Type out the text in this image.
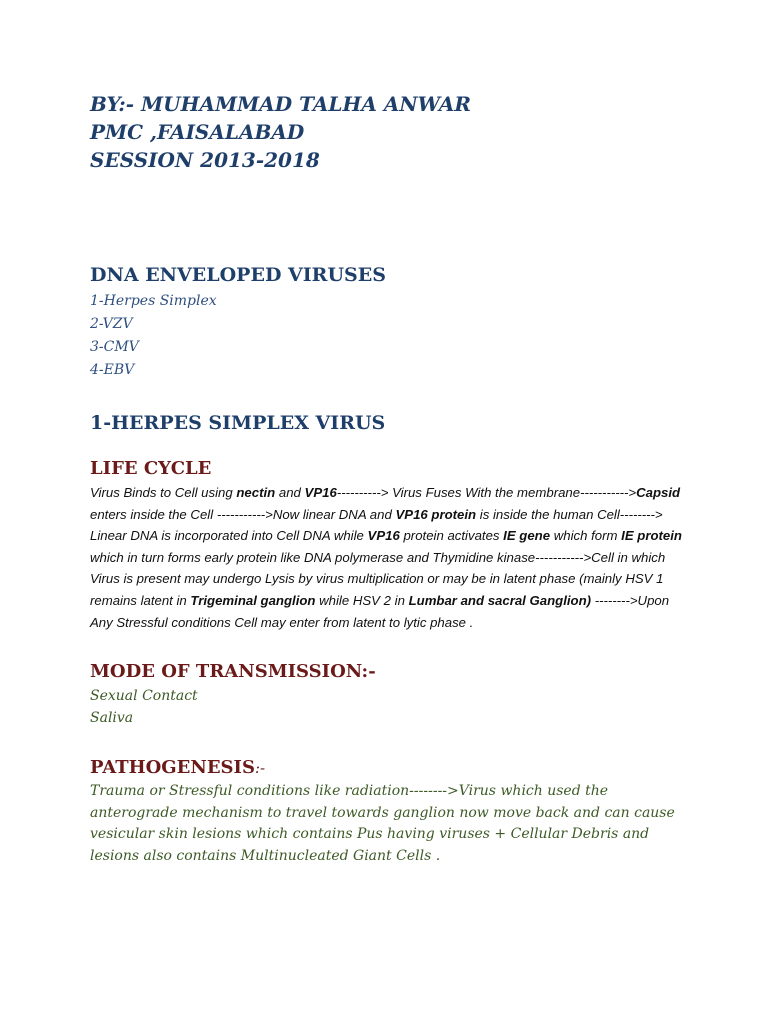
BY:- MUHAMMAD TALHA ANWAR

PMC ,FAISALABAD

SESSION 2013-2018

DNA ENVELOPED VIRUSES
1-Herpes Simplex
2-VZV
3-CMV
4-EBV
1-HERPES SIMPLEX VIRUS
LIFE CYCLE

Virus Binds to Cell using nectin and VP16----------> Virus Fuses With the membrane----------->Capsid enters inside the Cell ----------->Now linear DNA and VP16 protein is inside the human Cell--------> Linear DNA is incorporated into Cell DNA while VP16 protein activates IE gene which form IE protein which in turn forms early protein like DNA polymerase and Thymidine kinase----------->Cell in which Virus is present may undergo Lysis by virus multiplication or may be in latent phase (mainly HSV 1 remains latent in Trigeminal ganglion while HSV 2 in Lumbar and sacral Ganglion) -------->Upon Any Stressful conditions Cell may enter from latent to lytic phase .

MODE OF TRANSMISSION:-
Sexual Contact
Saliva
PATHOGENESIS:-

Trauma or Stressful conditions like radiation-------->Virus which used the anterograde mechanism to travel towards ganglion now move back and can cause vesicular skin lesions which contains Pus having viruses + Cellular Debris and lesions also contains Multinucleated Giant Cells .
